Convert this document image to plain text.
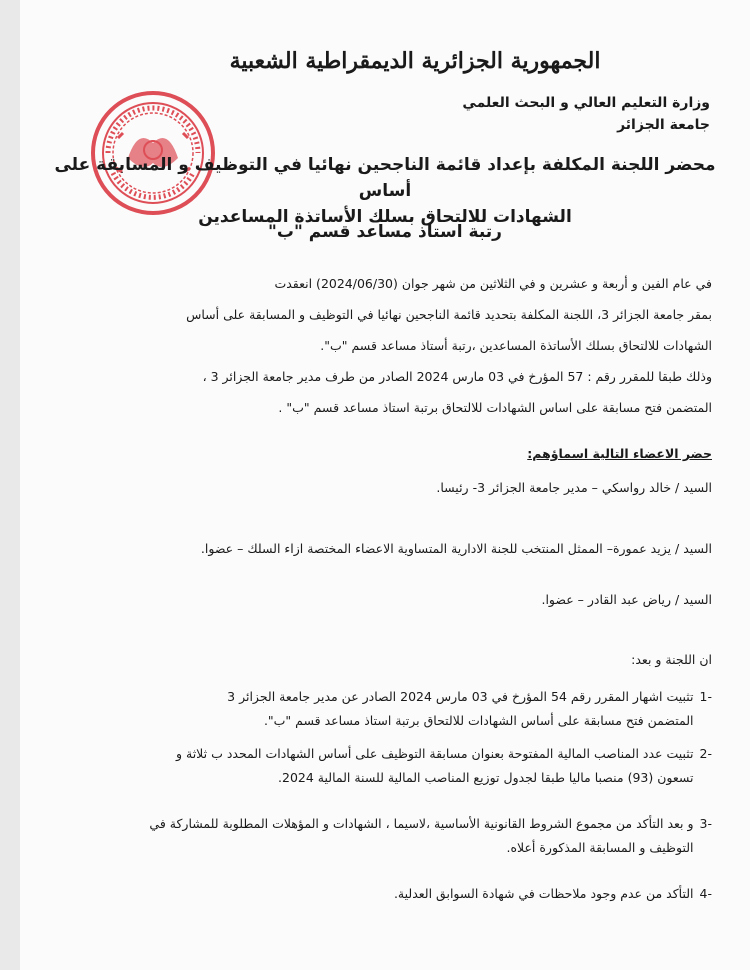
الجمهورية الجزائرية الديمقراطية الشعبية
وزارة التعليم العالي و البحث العلمي
جامعة الجزائر
محضر اللجنة المكلفة بإعداد قائمة الناجحين نهائيا في التوظيف و المسابقة على أساس
الشهادات للالتحاق بسلك الأساتذة المساعدين
رتبة استاذ مساعد قسم "ب"
في عام الفين و أربعة و عشرين و في الثلاثين من شهر جوان (2024/06/30) انعقدت
بمقر جامعة الجزائر 3، اللجنة المكلفة بتحديد قائمة الناجحين نهائيا في التوظيف و المسابقة على أساس
الشهادات للالتحاق بسلك الأساتذة المساعدين ،رتبة أستاذ مساعد قسم "ب".
وذلك طبقا للمقرر رقم : 57 المؤرخ في 03 مارس 2024 الصادر من طرف مدير جامعة الجزائر 3 ،
المتضمن فتح مسابقة على اساس الشهادات للالتحاق برتبة استاذ مساعد قسم "ب" .
حضر الاعضاء التالية اسماؤهم:
السيد / خالد رواسكي – مدير جامعة الجزائر 3- رئيسا.
السيد / يزيد عمورة– الممثل المنتخب للجنة الادارية المتساوية الاعضاء المختصة ازاء السلك – عضوا.
السيد / رياض عبد القادر – عضوا.
ان اللجنة و بعد:
-1
تثبيت اشهار المقرر رقم 54 المؤرخ في 03 مارس 2024 الصادر عن مدير جامعة الجزائر 3
المتضمن فتح مسابقة على أساس الشهادات للالتحاق برتبة استاذ مساعد قسم "ب".
-2
تثبيت عدد المناصب المالية المفتوحة بعنوان مسابقة التوظيف على أساس الشهادات المحدد ب ثلاثة و
تسعون (93) منصبا ماليا طبقا لجدول توزيع المناصب المالية للسنة المالية 2024.
-3
و بعد التأكد من مجموع الشروط القانونية الأساسية ،لاسيما ، الشهادات و المؤهلات المطلوبة للمشاركة في
التوظيف و المسابقة المذكورة أعلاه.
-4
التأكد من عدم وجود ملاحظات في شهادة السوابق العدلية.
